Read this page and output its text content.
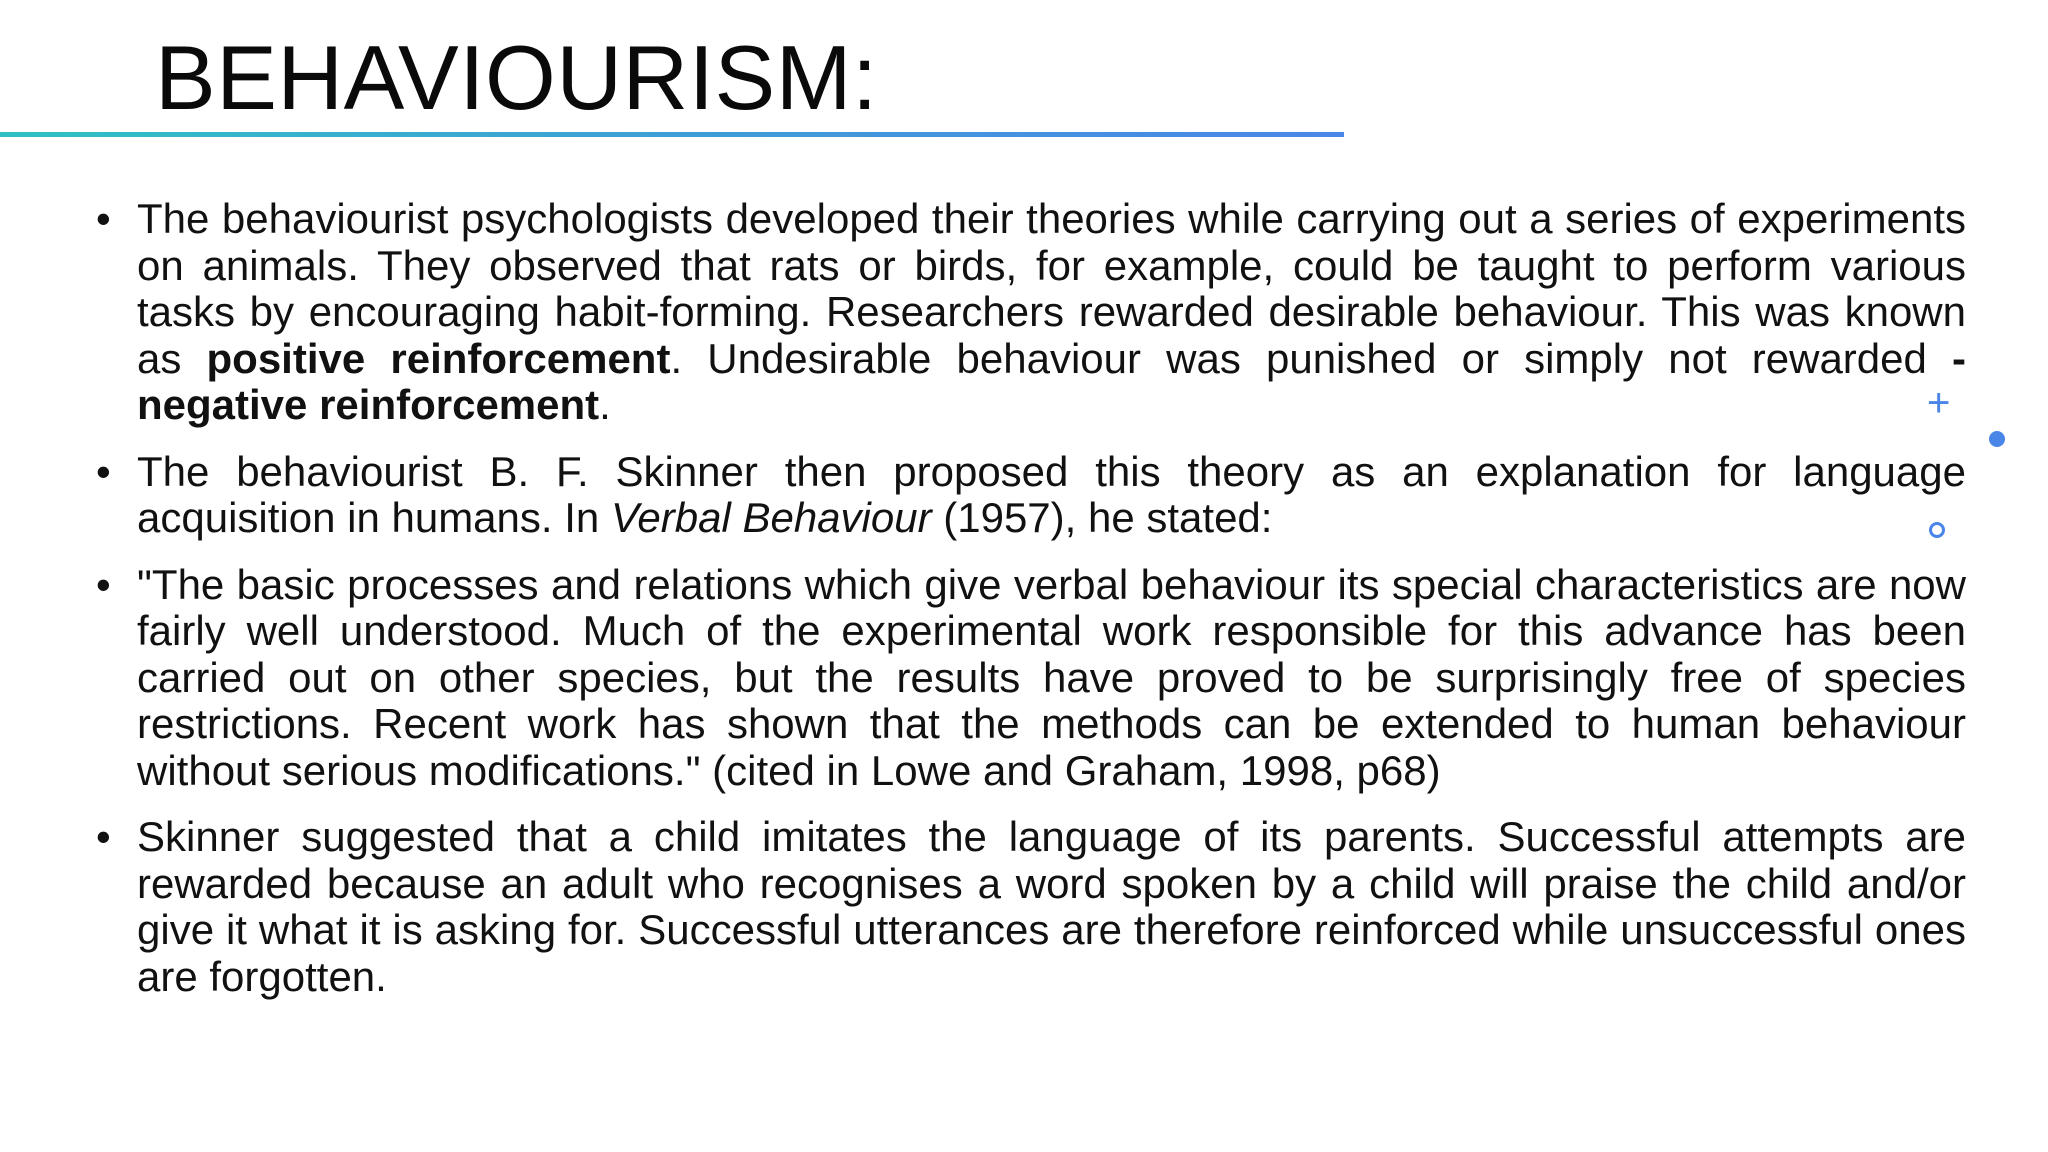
BEHAVIOURISM:
• The behaviourist psychologists developed their theories while carrying out a series of experiments on animals. They observed that rats or birds, for example, could be taught to perform various tasks by encouraging habit-forming. Researchers rewarded desirable behaviour. This was known as positive reinforcement. Undesirable behaviour was punished or simply not rewarded - negative reinforcement.

• The behaviourist B. F. Skinner then proposed this theory as an explanation for language acquisition in humans. In Verbal Behaviour (1957), he stated:

• "The basic processes and relations which give verbal behaviour its special characteristics are now fairly well understood. Much of the experimental work responsible for this advance has been carried out on other species, but the results have proved to be surprisingly free of species restrictions. Recent work has shown that the methods can be extended to human behaviour without serious modifications." (cited in Lowe and Graham, 1998, p68)

• Skinner suggested that a child imitates the language of its parents. Successful attempts are rewarded because an adult who recognises a word spoken by a child will praise the child and/or give it what it is asking for. Successful utterances are therefore reinforced while unsuccessful ones are forgotten.

+
